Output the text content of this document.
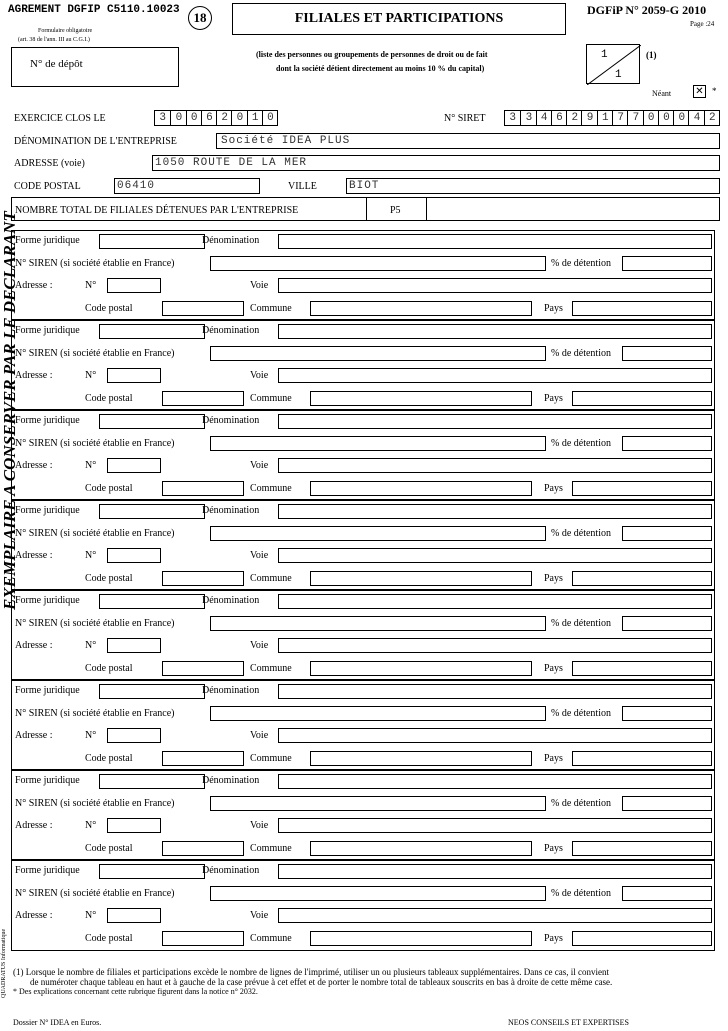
AGREMENT DGFIP C5110.10023	18	FILIALES ET PARTICIPATIONS
DGFiP N° 2059-G 2010
Page :24
Formulaire obligatoire
(art. 38 de l'ann. III au C.G.I.)
N° de dépôt
(liste des personnes ou groupements de personnes de droit ou de fait
dont la société détient directement au moins 10 % du capital)
1
1
(1)
Néant ✕ *
EXERCICE CLOS LE	3 0 0 6 2 0 1 0	N° SIRET	3 3 4 6 2 9 1 7 7 0 0 0 4 2
DÉNOMINATION DE L'ENTREPRISE	Société IDEA PLUS
ADRESSE (voie)	1050 ROUTE DE LA MER
CODE POSTAL	06410	VILLE	BIOT
NOMBRE TOTAL DE FILIALES DÉTENUES PAR L'ENTREPRISE	P5
Forme juridique	Dénomination
N° SIREN (si société établie en France)	% de détention
Adresse :	N°	Voie
Code postal	Commune	Pays
Forme juridique	Dénomination
N° SIREN (si société établie en France)	% de détention
Adresse :	N°	Voie
Code postal	Commune	Pays
Forme juridique	Dénomination
N° SIREN (si société établie en France)	% de détention
Adresse :	N°	Voie
Code postal	Commune	Pays
Forme juridique	Dénomination
N° SIREN (si société établie en France)	% de détention
Adresse :	N°	Voie
Code postal	Commune	Pays
Forme juridique	Dénomination
N° SIREN (si société établie en France)	% de détention
Adresse :	N°	Voie
Code postal	Commune	Pays
Forme juridique	Dénomination
N° SIREN (si société établie en France)	% de détention
Adresse :	N°	Voie
Code postal	Commune	Pays
Forme juridique	Dénomination
N° SIREN (si société établie en France)	% de détention
Adresse :	N°	Voie
Code postal	Commune	Pays
Forme juridique	Dénomination
N° SIREN (si société établie en France)	% de détention
Adresse :	N°	Voie
Code postal	Commune	Pays
EXEMPLAIRE A CONSERVER PAR LE DECLARANT
QUADRATUS Informatique (1) Lorsque le nombre de filiales et participations excède le nombre de lignes de l'imprimé, utiliser un ou plusieurs tableaux supplémentaires. Dans ce cas, il convient
de numéroter chaque tableau en haut et à gauche de la case prévue à cet effet et de porter le nombre total de tableaux souscrits en bas à droite de cette même case.
* Des explications concernant cette rubrique figurent dans la notice n° 2032.
Dossier N° IDEA en Euros.	NEOS CONSEILS ET EXPERTISES
